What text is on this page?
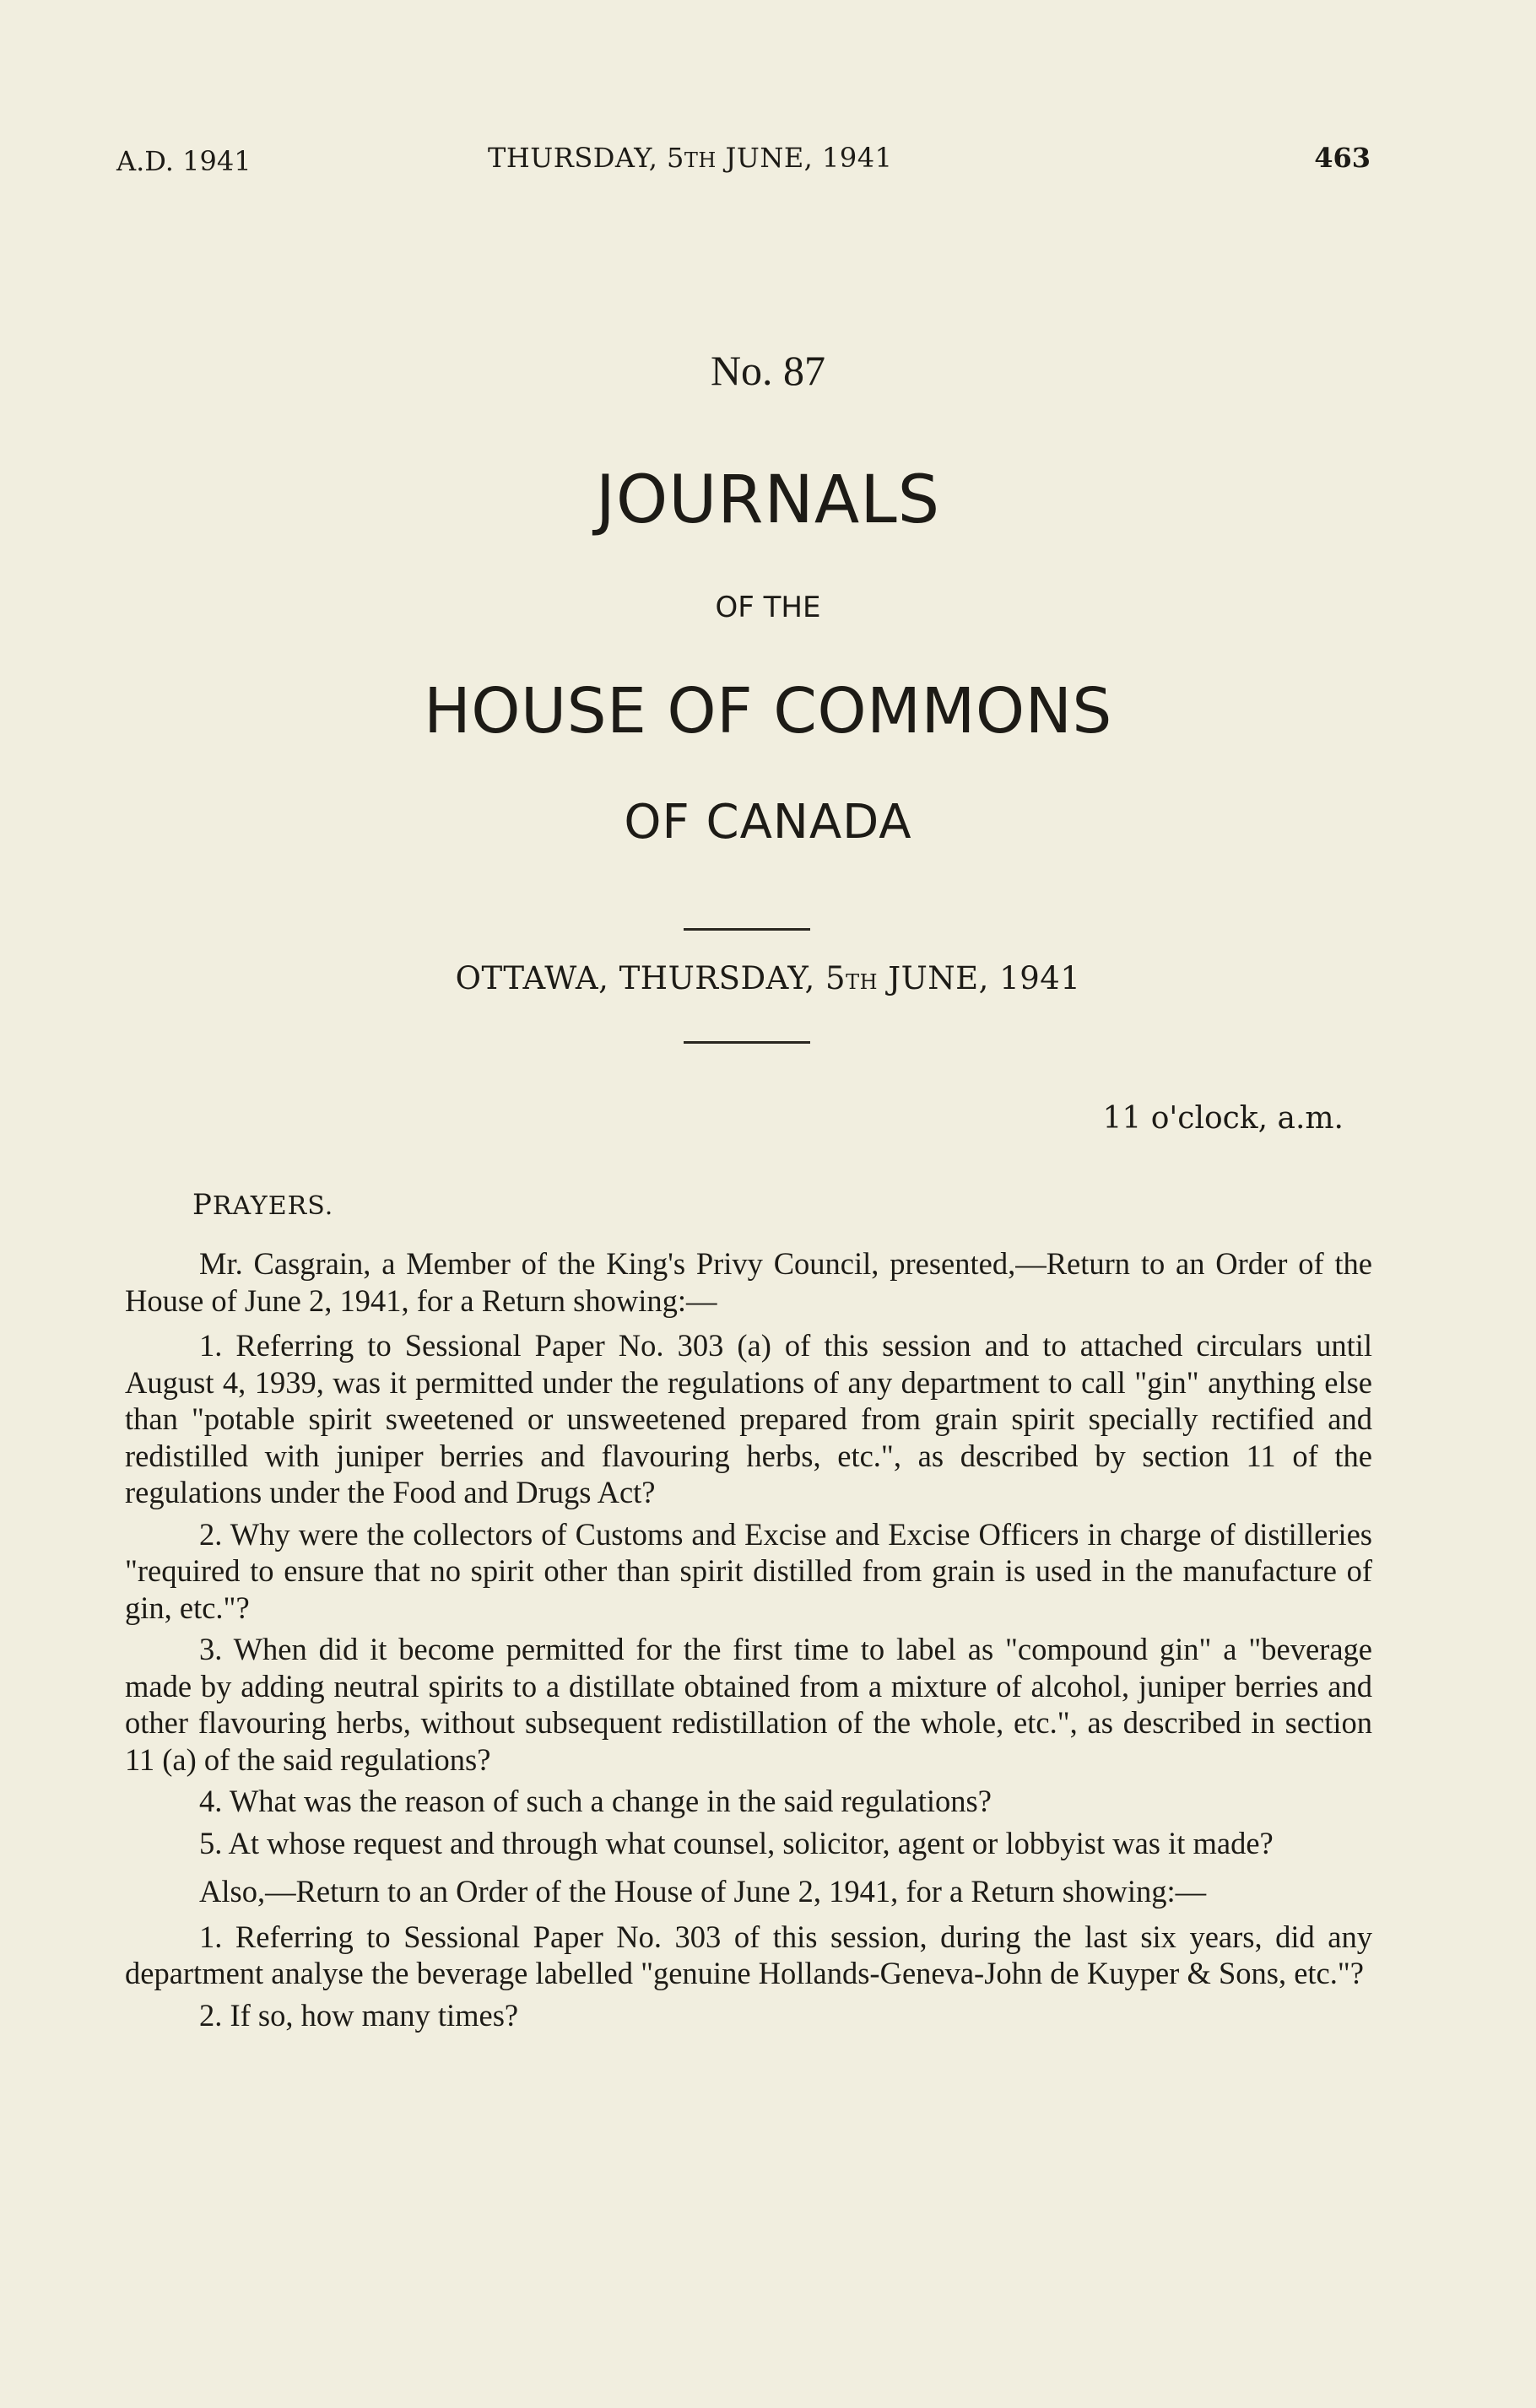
A.D. 1941	THURSDAY, 5TH JUNE, 1941	463
No. 87
JOURNALS
OF THE
HOUSE OF COMMONS
OF CANADA
OTTAWA, THURSDAY, 5TH JUNE, 1941
11 o'clock, a.m.
PRAYERS.

Mr. Casgrain, a Member of the King's Privy Council, presented,—Return to an Order of the House of June 2, 1941, for a Return showing:—

1. Referring to Sessional Paper No. 303 (a) of this session and to attached circulars until August 4, 1939, was it permitted under the regulations of any department to call "gin" anything else than "potable spirit sweetened or unsweetened prepared from grain spirit specially rectified and redistilled with juniper berries and flavouring herbs, etc.", as described by section 11 of the regulations under the Food and Drugs Act?

2. Why were the collectors of Customs and Excise and Excise Officers in charge of distilleries "required to ensure that no spirit other than spirit distilled from grain is used in the manufacture of gin, etc."?

3. When did it become permitted for the first time to label as "compound gin" a "beverage made by adding neutral spirits to a distillate obtained from a mixture of alcohol, juniper berries and other flavouring herbs, without subsequent redistillation of the whole, etc.", as described in section 11 (a) of the said regulations?

4. What was the reason of such a change in the said regulations?

5. At whose request and through what counsel, solicitor, agent or lobbyist was it made?

Also,—Return to an Order of the House of June 2, 1941, for a Return showing:—

1. Referring to Sessional Paper No. 303 of this session, during the last six years, did any department analyse the beverage labelled "genuine Hollands-Geneva-John de Kuyper & Sons, etc."?

2. If so, how many times?
